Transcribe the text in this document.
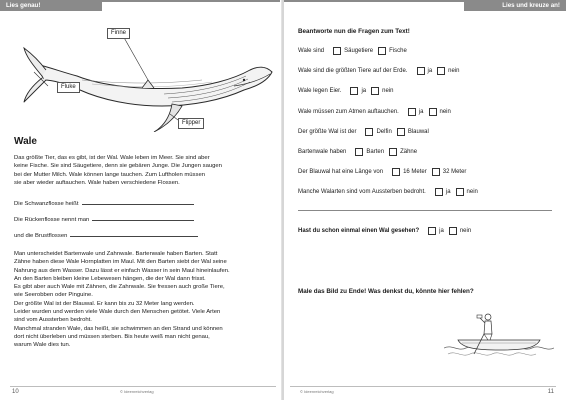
Lies genau!
Finne
Fluke
Flipper
Wale
Das größte Tier, das es gibt, ist der Wal. Wale leben im Meer. Sie sind aber
keine Fische. Sie sind Säugetiere, denn sie gebären Junge. Die Jungen saugen
bei der Mutter Milch. Wale können lange tauchen. Zum Luftholen müssen
sie aber wieder auftauchen. Wale haben verschiedene Flossen.
Die Schwanzflosse heißt
Die Rückenflosse nennt man
und die Brustflossen
Man unterscheidet Bartenwale und Zahnwale. Bartenwale haben Barten. Statt
Zähne haben diese Wale Hornplatten im Maul. Mit den Barten siebt der Wal seine
Nahrung aus dem Wasser. Dazu lässt er einfach Wasser in sein Maul hineinlaufen.
An den Barten bleiben kleine Lebewesen hängen, die der Wal dann frisst.
Es gibt aber auch Wale mit Zähnen, die Zahnwale. Sie fressen auch große Tiere,
wie Seerobben oder Pinguine.
Der größte Wal ist der Blauwal. Er kann bis zu 32 Meter lang werden.
Leider wurden und werden viele Wale durch den Menschen getötet. Viele Arten
sind vom Aussterben bedroht.
Manchmal stranden Wale, das heißt, sie schwimmen an den Strand und können
dort nicht überleben und müssen sterben. Bis heute weiß man nicht genau,
warum Wale dies tun.
10	© Ideenreichverlag
Lies und kreuze an!
Beantworte nun die Fragen zum Text!
Wale sind	Säugetiere	Fische
Wale sind die größten Tiere auf der Erde.	ja	nein
Wale legen Eier.	ja	nein
Wale müssen zum Atmen auftauchen.	ja	nein
Der größte Wal ist der	Delfin	Blauwal
Bartenwale haben	Barten	Zähne
Der Blauwal hat eine Länge von	16 Meter	32 Meter
Manche Walarten sind vom Aussterben bedroht.	ja	nein
Hast du schon einmal einen Wal gesehen?	ja	nein
Male das Bild zu Ende! Was denkst du, könnte hier fehlen?
© Ideenreichverlag	11
